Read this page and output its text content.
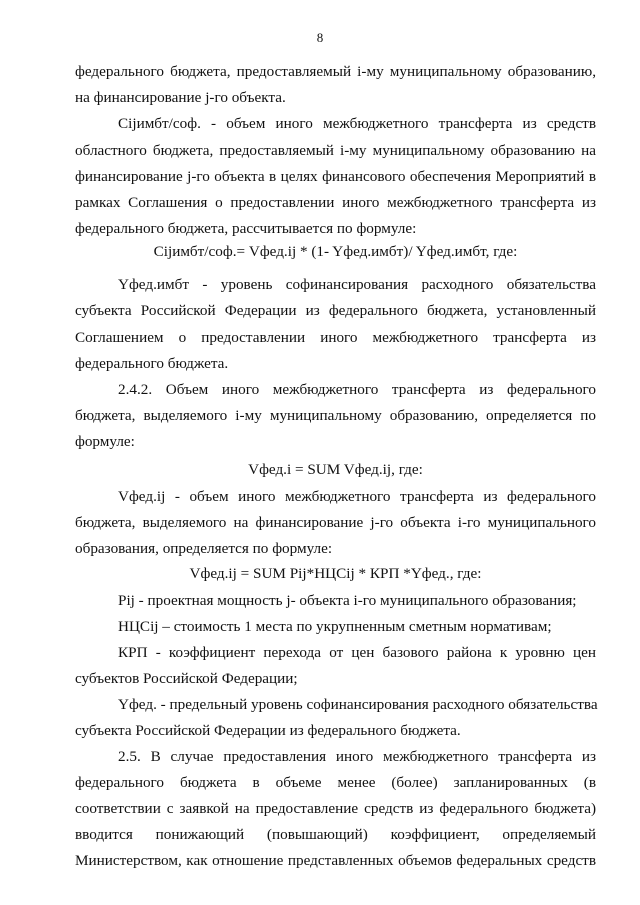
8
федерального бюджета, предоставляемый i-му муниципальному образованию,
на финансирование j-го объекта.
Сijимбт/соф. - объем иного межбюджетного трансферта из средств
областного бюджета, предоставляемый i-му муниципальному образованию на
финансирование j-го объекта в целях финансового обеспечения Мероприятий в
рамках Соглашения о предоставлении иного межбюджетного трансферта из
федерального бюджета, рассчитывается по формуле:
Сijимбт/соф.= Vфед.ij * (1- Yфед.имбт)/ Yфед.имбт, где:
Yфед.имбт - уровень софинансирования расходного обязательства
субъекта Российской Федерации из федерального бюджета, установленный
Соглашением о предоставлении иного межбюджетного трансферта из
федерального бюджета.
2.4.2. Объем иного межбюджетного трансферта из федерального
бюджета, выделяемого i-му муниципальному образованию, определяется по
формуле:
Vфед.i = SUM Vфед.ij, где:
Vфед.ij - объем иного межбюджетного трансферта из федерального
бюджета, выделяемого на финансирование j-го объекта i-го муниципального
образования, определяется по формуле:
Vфед.ij = SUM Pij*НЦСij * КРП *Yфед., где:
Pij - проектная мощность j- объекта i-го муниципального образования;
НЦСij – стоимость 1 места по укрупненным сметным нормативам;
КРП - коэффициент перехода от цен базового района к уровню цен
субъектов Российской Федерации;
Yфед. - предельный уровень софинансирования расходного обязательства
субъекта Российской Федерации из федерального бюджета.
2.5. В случае предоставления иного межбюджетного трансферта из
федерального бюджета в объеме менее (более) запланированных (в
соответствии с заявкой на предоставление средств из федерального бюджета)
вводится понижающий (повышающий) коэффициент, определяемый
Министерством, как отношение представленных объемов федеральных средств
